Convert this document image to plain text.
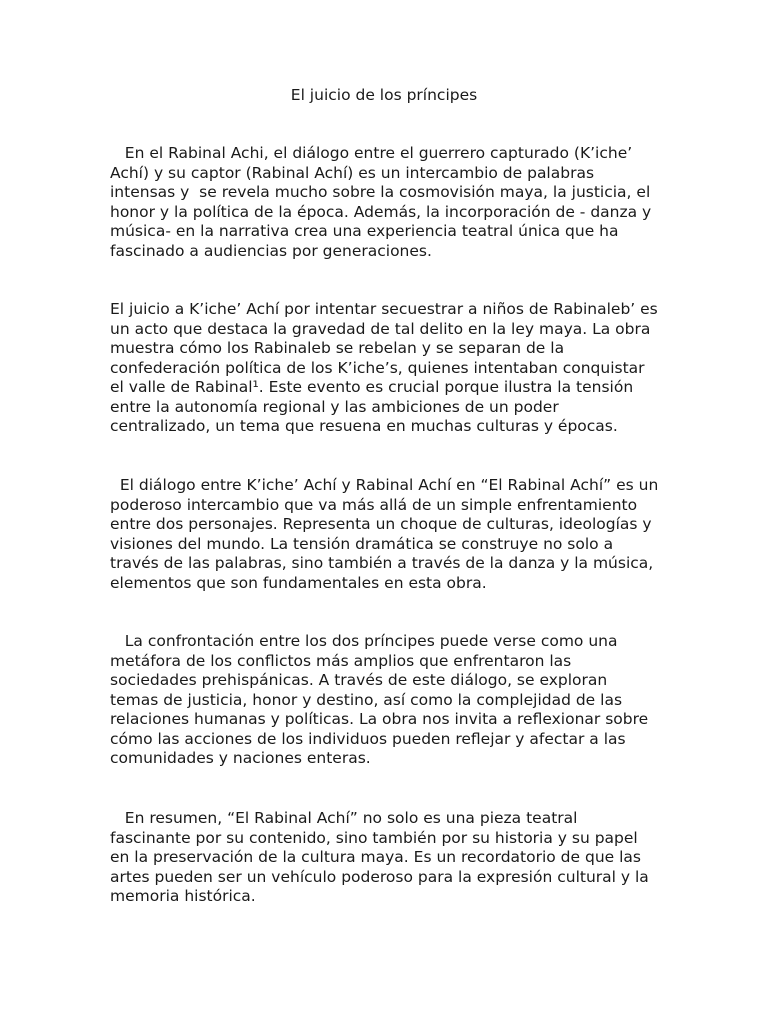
El juicio de los príncipes

En el Rabinal Achi, el diálogo entre el guerrero capturado (K’iche’ Achí) y su captor (Rabinal Achí) es un intercambio de palabras intensas y  se revela mucho sobre la cosmovisión maya, la justicia, el honor y la política de la época. Además, la incorporación de - danza y música- en la narrativa crea una experiencia teatral única que ha fascinado a audiencias por generaciones.

El juicio a K’iche’ Achí por intentar secuestrar a niños de Rabinaleb’ es un acto que destaca la gravedad de tal delito en la ley maya. La obra muestra cómo los Rabinaleb se rebelan y se separan de la confederación política de los K’iche’s, quienes intentaban conquistar el valle de Rabinal¹. Este evento es crucial porque ilustra la tensión entre la autonomía regional y las ambiciones de un poder centralizado, un tema que resuena en muchas culturas y épocas.

El diálogo entre K’iche’ Achí y Rabinal Achí en “El Rabinal Achí” es un poderoso intercambio que va más allá de un simple enfrentamiento entre dos personajes. Representa un choque de culturas, ideologías y visiones del mundo. La tensión dramática se construye no solo a través de las palabras, sino también a través de la danza y la música, elementos que son fundamentales en esta obra.

La confrontación entre los dos príncipes puede verse como una metáfora de los conflictos más amplios que enfrentaron las sociedades prehispánicas. A través de este diálogo, se exploran temas de justicia, honor y destino, así como la complejidad de las relaciones humanas y políticas. La obra nos invita a reflexionar sobre cómo las acciones de los individuos pueden reflejar y afectar a las comunidades y naciones enteras.

En resumen, “El Rabinal Achí” no solo es una pieza teatral fascinante por su contenido, sino también por su historia y su papel en la preservación de la cultura maya. Es un recordatorio de que las artes pueden ser un vehículo poderoso para la expresión cultural y la memoria histórica.
